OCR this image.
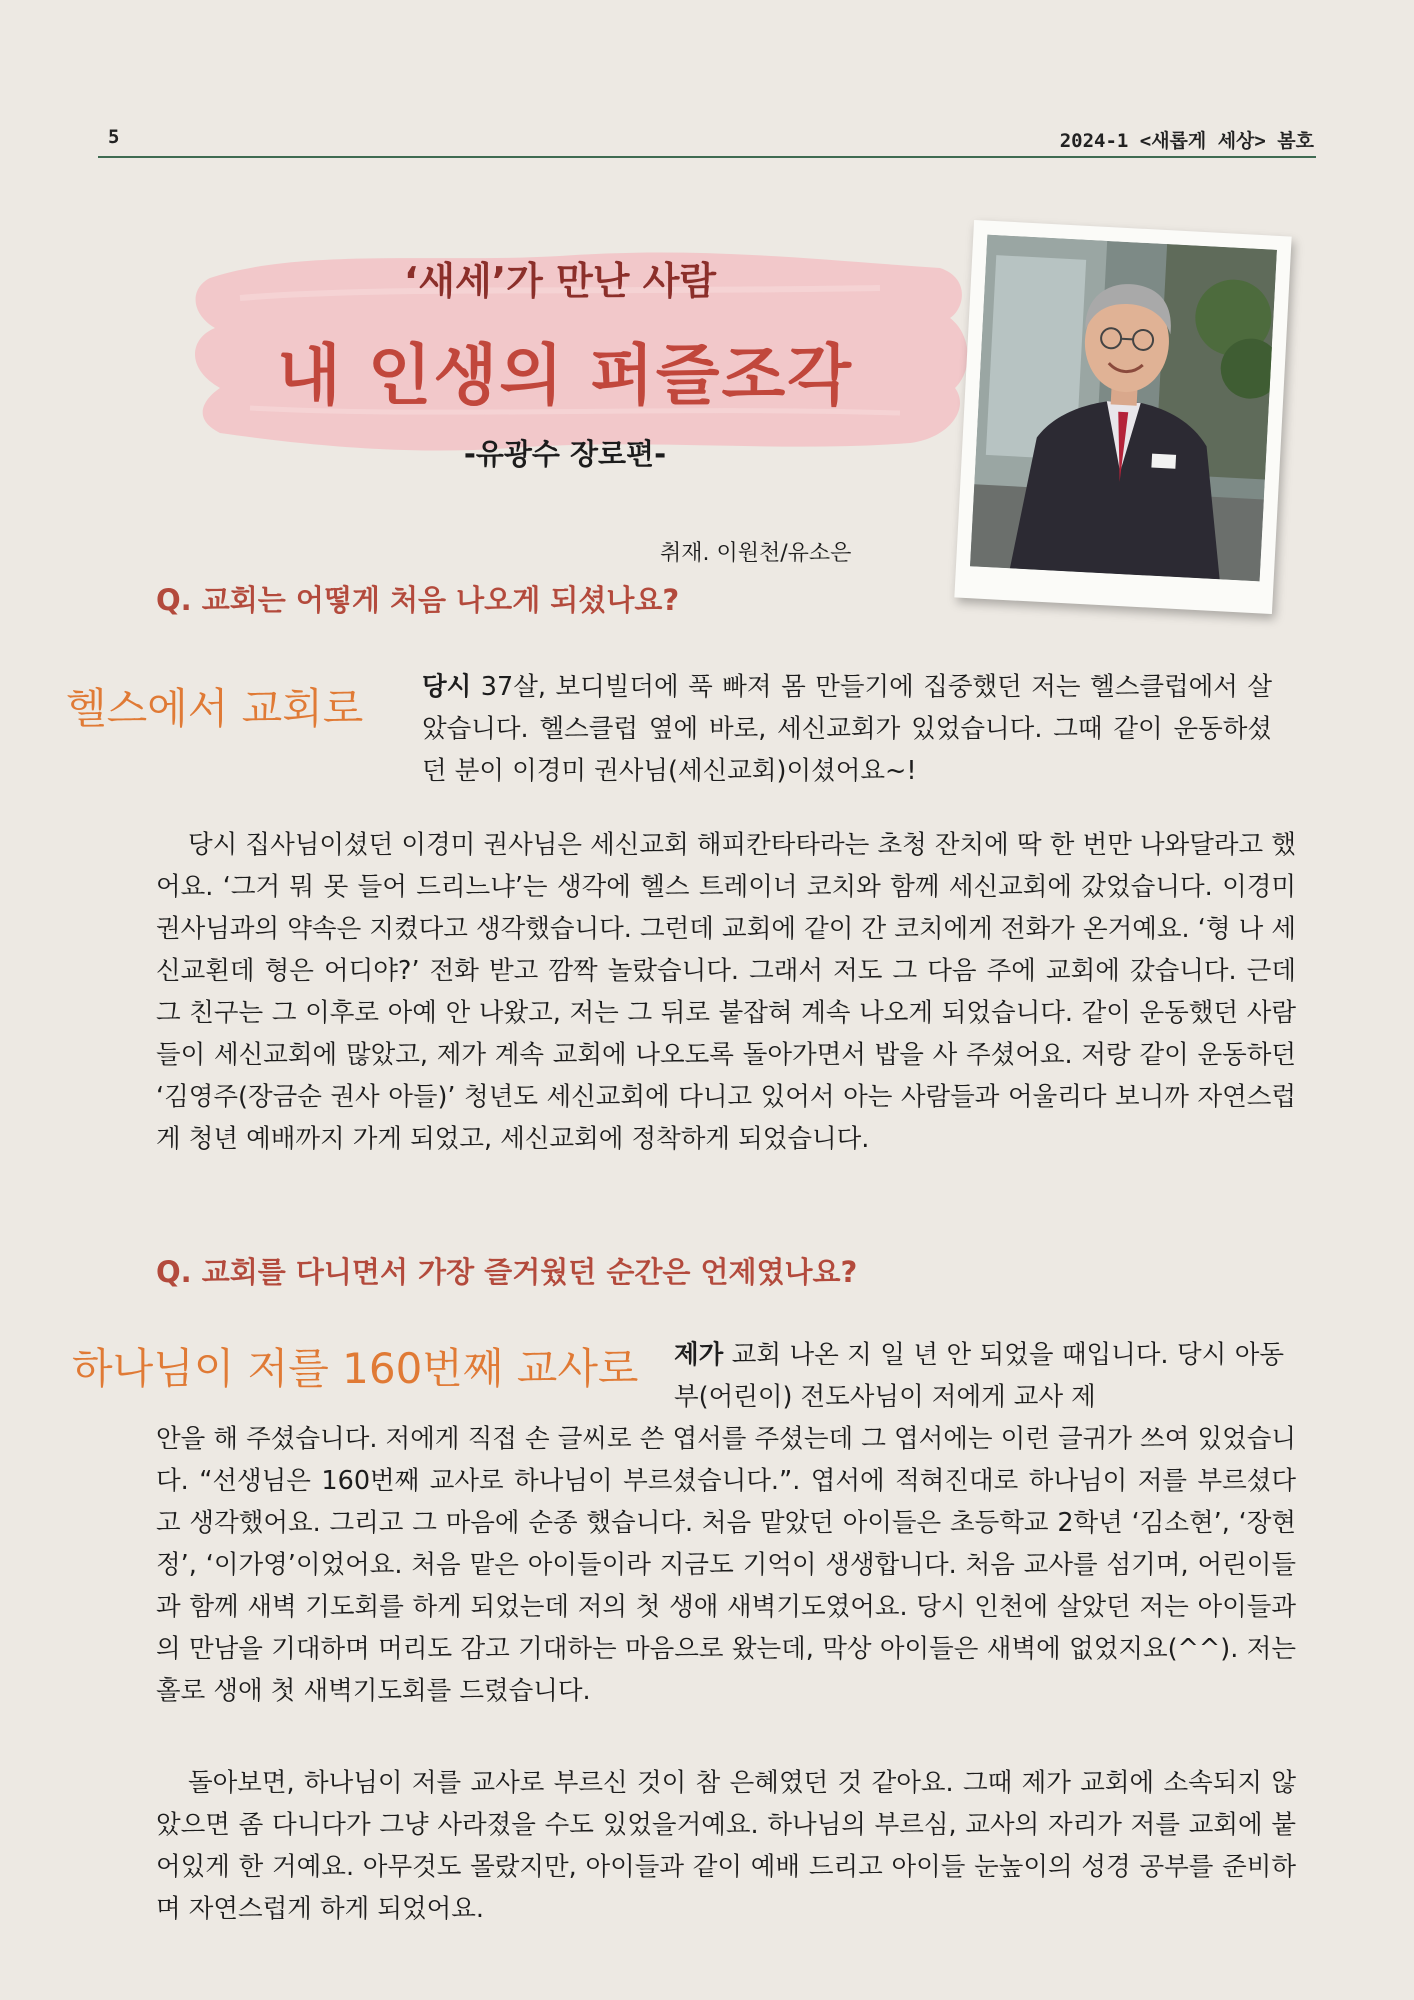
5	2024-1 <새롭게 세상> 봄호
‘새세’가 만난 사람
내 인생의 퍼즐조각
-유광수 장로편-
취재. 이원천/유소은
Q. 교회는 어떻게 처음 나오게 되셨나요?
헬스에서 교회로 당시 37살, 보디빌더에 푹 빠져 몸 만들기에 집중했던 저는 헬스클럽에서 살았습니다. 헬스클럽 옆에 바로, 세신교회가 있었습니다. 그때 같이 운동하셨던 분이 이경미 권사님(세신교회)이셨어요~!

당시 집사님이셨던 이경미 권사님은 세신교회 해피칸타타라는 초청 잔치에 딱 한 번만 나와달라고 했어요. ‘그거 뭐 못 들어 드리느냐’는 생각에 헬스 트레이너 코치와 함께 세신교회에 갔었습니다. 이경미 권사님과의 약속은 지켰다고 생각했습니다. 그런데 교회에 같이 간 코치에게 전화가 온거예요. ‘형 나 세신교횐데 형은 어디야?’ 전화 받고 깜짝 놀랐습니다. 그래서 저도 그 다음 주에 교회에 갔습니다. 근데 그 친구는 그 이후로 아예 안 나왔고, 저는 그 뒤로 붙잡혀 계속 나오게 되었습니다. 같이 운동했던 사람들이 세신교회에 많았고, 제가 계속 교회에 나오도록 돌아가면서 밥을 사 주셨어요. 저랑 같이 운동하던 ‘김영주(장금순 권사 아들)’ 청년도 세신교회에 다니고 있어서 아는 사람들과 어울리다 보니까 자연스럽게 청년 예배까지 가게 되었고, 세신교회에 정착하게 되었습니다.

Q. 교회를 다니면서 가장 즐거웠던 순간은 언제였나요?
하나님이 저를 160번째 교사로 제가 교회 나온 지 일 년 안 되었을 때입니다. 당시 아동부(어린이) 전도사님이 저에게 교사 제

안을 해 주셨습니다. 저에게 직접 손 글씨로 쓴 엽서를 주셨는데 그 엽서에는 이런 글귀가 쓰여 있었습니다. “선생님은 160번째 교사로 하나님이 부르셨습니다.”. 엽서에 적혀진대로 하나님이 저를 부르셨다고 생각했어요. 그리고 그 마음에 순종 했습니다. 처음 맡았던 아이들은 초등학교 2학년 ‘김소현’, ‘장현정’, ‘이가영’이었어요. 처음 맡은 아이들이라 지금도 기억이 생생합니다. 처음 교사를 섬기며, 어린이들과 함께 새벽 기도회를 하게 되었는데 저의 첫 생애 새벽기도였어요. 당시 인천에 살았던 저는 아이들과의 만남을 기대하며 머리도 감고 기대하는 마음으로 왔는데, 막상 아이들은 새벽에 없었지요(^^). 저는 홀로 생애 첫 새벽기도회를 드렸습니다.

돌아보면, 하나님이 저를 교사로 부르신 것이 참 은혜였던 것 같아요. 그때 제가 교회에 소속되지 않았으면 좀 다니다가 그냥 사라졌을 수도 있었을거예요. 하나님의 부르심, 교사의 자리가 저를 교회에 붙어있게 한 거예요. 아무것도 몰랐지만, 아이들과 같이 예배 드리고 아이들 눈높이의 성경 공부를 준비하며 자연스럽게 하게 되었어요.
